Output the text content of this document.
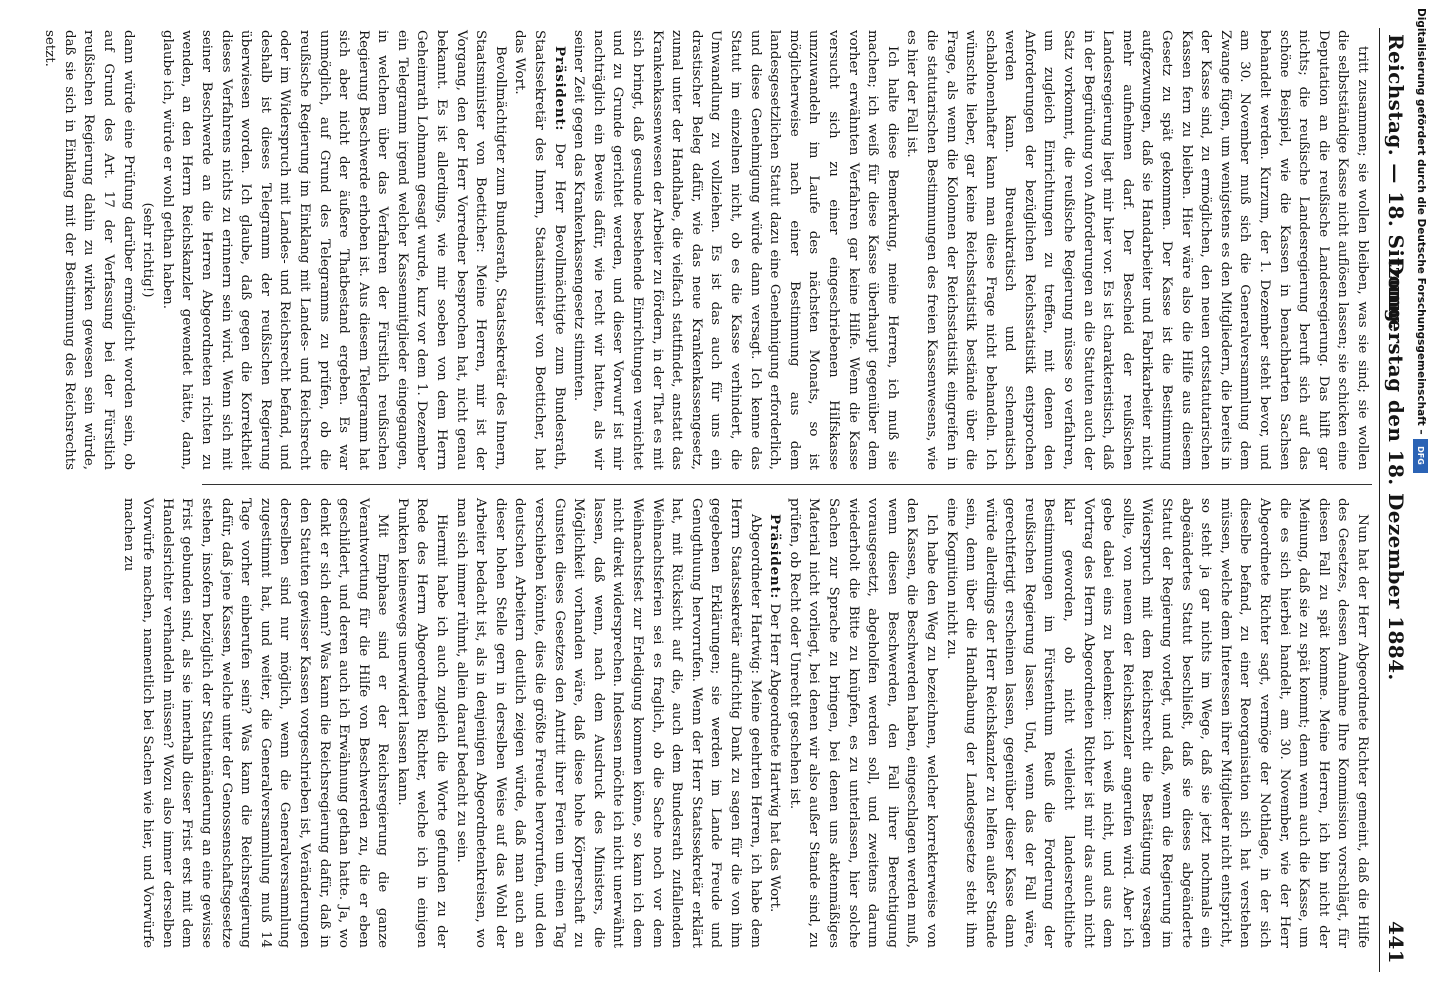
Reichstag. — 18. Sitzung.
Donnerstag den 18. Dezember 1884.
441

tritt zusammen; sie wollen bleiben, was sie sind; sie wollen die selbstständige Kasse nicht auflösen lassen; sie schicken eine Deputation an die reußische Landesregierung. Das hilft gar nichts; die reußische Landesregierung beruft sich auf das schöne Beispiel, wie die Kassen in benachbarten Sachsen behandelt werden. Kurzum, der 1. Dezember steht bevor, und am 30. November muß sich die Generalversammlung dem Zwange fügen, um wenigstens es den Mitgliedern, die bereits in der Kasse sind, zu ermöglichen, den neuen ortsstatutarischen Kassen fern zu bleiben. Hier wäre also die Hilfe aus diesem Gesetz zu spät gekommen. Der Kasse ist die Bestimmung aufgezwungen, daß sie Handarbeiter und Fabrikarbeiter nicht mehr aufnehmen darf. Der Bescheid der reußischen Landesregierung liegt mir hier vor. Es ist charakteristisch, daß in der Begründung von Anforderungen an die Statuten auch der Satz vorkommt, die reußische Regierung müsse so verfahren, um zugleich Einrichtungen zu treffen, mit denen den Anforderungen der bezüglichen Reichsstatistik entsprochen werden kann. Bureaukratisch und schematisch schablonenhafter kann man diese Frage nicht behandeln. Ich wünschte lieber, gar keine Reichsstatistik bestände über die Frage, als wenn die Kolonnen der Reichsstatistik eingreifen in die statutarischen Bestimmungen des freien Kassenwesens, wie es hier der Fall ist.

Ich halte diese Bemerkung, meine Herren, ich muß sie machen; ich weiß für diese Kasse überhaupt gegenüber dem vorher erwähnten Verfahren gar keine Hilfe. Wenn die Kasse versucht sich zu einer eingeschriebenen Hilfskasse umzuwandeln im Laufe des nächsten Monats, so ist möglicherweise nach einer Bestimmung aus dem landesgesetzlichen Statut dazu eine Genehmigung erforderlich, und diese Genehmigung würde dann versagt. Ich kenne das Statut im einzelnen nicht, ob es die Kasse verhindert, die Umwandlung zu vollziehen. Es ist das auch für uns ein drastischer Beleg dafür, wie das neue Krankenkassengesetz, zumal unter der Handhabe, die vielfach stattfindet, anstatt das Krankenkassenwesen der Arbeiter zu fördern, in der That es mit sich bringt, daß gesunde bestehende Einrichtungen vernichtet und zu Grunde gerichtet werden, und dieser Vorwurf ist mir nachträglich ein Beweis dafür, wie recht wir hatten, als wir seiner Zeit gegen das Krankenkassengesetz stimmten.

Präsident: Der Herr Bevollmächtigte zum Bundesrath, Staatssekretär des Innern, Staatsminister von Boetticher, hat das Wort.

Bevollmächtigter zum Bundesrath, Staatssekretär des Innern, Staatsminister von Boetticher: Meine Herren, mir ist der Vorgang, den der Herr Vorredner besprochen hat, nicht genau bekannt. Es ist allerdings, wie mir soeben von dem Herrn Geheimrath Lohmann gesagt wurde, kurz vor dem 1. Dezember ein Telegramm irgend welcher Kassenmitglieder eingegangen, in welchem über das Verfahren der Fürstlich reußischen Regierung Beschwerde erhoben ist. Aus diesem Telegramm hat sich aber nicht der äußere Thatbestand ergeben. Es war unmöglich, auf Grund des Telegramms zu prüfen, ob die reußische Regierung im Einklang mit Landes- und Reichsrecht oder im Widerspruch mit Landes- und Reichsrecht befand, und deshalb ist dieses Telegramm der reußischen Regierung überwiesen worden. Ich glaube, daß gegen die Korrektheit dieses Verfahrens nichts zu erinnern sein wird. Wenn sich mit seiner Beschwerde an die Herren Abgeordneten richten zu wenden, an den Herrn Reichskanzler gewendet hätte, dann, glaube ich, würde er wohl gethan haben.

(sehr richtig!)

dann würde eine Prüfung darüber ermöglicht worden sein, ob auf Grund des Art. 17 der Verfassung bei der Fürstlich reußischen Regierung dahin zu wirken gewesen sein würde, daß sie sich in Einklang mit der Bestimmung des Reichsrechts setzt.

Nun hat der Herr Abgeordnete Richter gemeint, daß die Hilfe des Gesetzes, dessen Annahme Ihre Kommission vorschlägt, für diesen Fall zu spät komme. Meine Herren, ich bin nicht der Meinung, daß sie zu spät kommt; denn wenn auch die Kasse, um die es sich hierbei handelt, am 30. November, wie der Herr Abgeordnete Richter sagt, vermöge der Nothlage, in der sich dieselbe befand, zu einer Reorganisation sich hat verstehen müssen, welche dem Interessen ihrer Mitglieder nicht entspricht, so steht ja gar nichts im Wege, daß sie jetzt nochmals ein abgeändertes Statut beschließt, daß sie dieses abgeänderte Statut der Regierung vorlegt, und daß, wenn die Regierung im Widerspruch mit dem Reichsrecht die Bestätigung versagen sollte, von neuem der Reichskanzler angerufen wird. Aber ich gebe dabei eins zu bedenken: ich weiß nicht, und aus dem Vortrag des Herrn Abgeordneten Richter ist mir das auch nicht klar geworden, ob nicht vielleicht landesrechtliche Bestimmungen im Fürstenthum Reuß die Forderung der reußischen Regierung lassen. Und, wenn das der Fall wäre, gerechtfertigt erscheinen lassen, gegenüber dieser Kasse dann würde allerdings der Herr Reichskanzler zu helfen außer Stande sein, denn über die Handhabung der Landesgesetze steht ihm eine Kognition nicht zu.

Ich habe den Weg zu bezeichnen, welcher korrekterweise von den Kassen, die Beschwerden haben, eingeschlagen werden muß, wenn diesen Beschwerden, den Fall ihrer Berechtigung vorausgesetzt, abgeholfen werden soll, und zweitens darum wiederholt die Bitte zu knüpfen, es zu unterlassen, hier solche Sachen zur Sprache zu bringen, bei denen uns aktenmäßiges Material nicht vorliegt, bei denen wir also außer Stande sind, zu prüfen, ob Recht oder Unrecht geschehen ist.

Präsident: Der Herr Abgeordnete Hartwig hat das Wort.

Abgeordneter Hartwig: Meine geehrten Herren, ich habe dem Herrn Staatssekretär aufrichtig Dank zu sagen für die von ihm gegebenen Erklärungen; sie werden im Lande Freude und Genugthuung hervorrufen. Wenn der Herr Staatssekretär erklärt hat, mit Rücksicht auf die, auch dem Bundesrath zufallenden Weihnachtsferien sei es fraglich, ob die Sache noch vor dem Weihnachtsfest zur Erledigung kommen könne, so kann ich dem nicht direkt widersprechen. Indessen möchte ich nicht unerwähnt lassen, daß wenn, nach dem Ausdruck des Ministers, die Möglichkeit vorhanden wäre, daß diese hohe Körperschaft zu Gunsten dieses Gesetzes den Antritt ihrer Ferien um einen Tag verschieben könnte, dies die größte Freude hervorrufen, und den deutschen Arbeitern deutlich zeigen würde, daß man auch an dieser hohen Stelle gern in derselben Weise auf das Wohl der Arbeiter bedacht ist, als in denjenigen Abgeordnetenkreisen, wo man sich immer rühmt, allein darauf bedacht zu sein.

Hiermit habe ich auch zugleich die Worte gefunden zu der Rede des Herrn Abgeordneten Richter, welche ich in einigen Punkten keineswegs unerwidert lassen kann.

Mit Emphase sind er der Reichsregierung die ganze Verantwortung für die Hilfe von Beschwerden zu, die er eben geschildert, und deren auch ich Erwähnung gethan hatte. Ja, wo denkt er sich denn? Was kann die Reichsregierung dafür, daß in den Statuten gewisser Kassen vorgeschrieben ist, Veränderungen derselben sind nur möglich, wenn die Generalversammlung zugestimmt hat, und weiter, die Generalversammlung muß 14 Tage vorher einberufen sein? Was kann die Reichsregierung dafür, daß jene Kassen, welche unter der Genossenschaftsgesetze stehen, insofern bezüglich der Statutenänderung an eine gewisse Frist gebunden sind, als sie innerhalb dieser Frist erst mit dem Handelsrichter verhandeln müssen? Wozu also immer derselben Vorwürfe machen, namentlich bei Sachen wie hier, und Vorwürfe machen zu

Digitalisierung gefördert durch die Deutsche Forschungsgemeinschaft –
DFG
